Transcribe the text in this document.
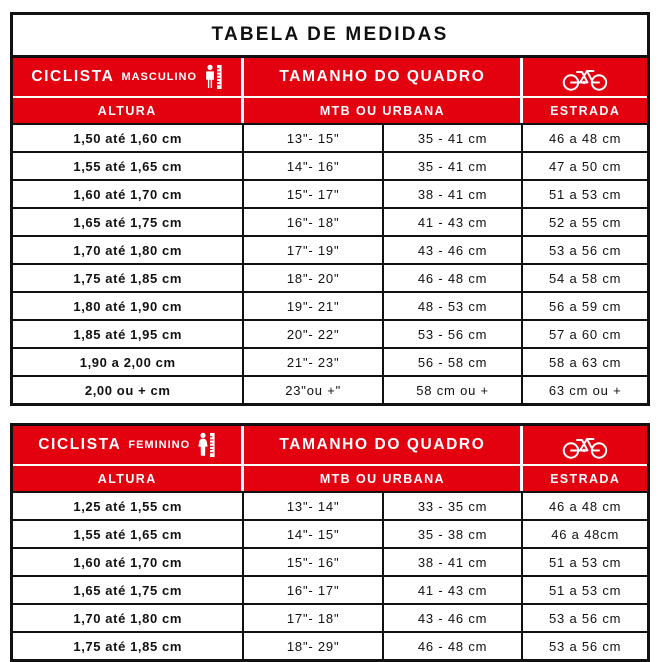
TABELA DE MEDIDAS
CICLISTA MASCULINO	TAMANHO DO QUADRO
ALTURA	MTB OU URBANA	ESTRADA
1,50 até 1,60 cm	13"- 15"	35 - 41 cm	46 a 48 cm
1,55 até 1,65 cm	14"- 16"	35 - 41 cm	47 a 50 cm
1,60 até 1,70 cm	15"- 17"	38 - 41 cm	51 a 53 cm
1,65 até 1,75 cm	16"- 18"	41 - 43 cm	52 a 55 cm
1,70 até 1,80 cm	17"- 19"	43 - 46 cm	53 a 56 cm
1,75 até 1,85 cm	18"- 20"	46 - 48 cm	54 a 58 cm
1,80 até 1,90 cm	19"- 21"	48 - 53 cm	56 a 59 cm
1,85 até 1,95 cm	20"- 22"	53 - 56 cm	57 a 60 cm
1,90 a 2,00 cm	21"- 23"	56 - 58 cm	58 a 63 cm
2,00 ou + cm	23"ou +"	58 cm ou +	63 cm ou +
CICLISTA FEMININO	TAMANHO DO QUADRO
ALTURA	MTB OU URBANA	ESTRADA
1,25 até 1,55 cm	13"- 14"	33 - 35 cm	46 a 48 cm
1,55 até 1,65 cm	14"- 15"	35 - 38 cm	46 a 48cm
1,60 até 1,70 cm	15"- 16"	38 - 41 cm	51 a 53 cm
1,65 até 1,75 cm	16"- 17"	41 - 43 cm	51 a 53 cm
1,70 até 1,80 cm	17"- 18"	43 - 46 cm	53 a 56 cm
1,75 até 1,85 cm	18"- 29"	46 - 48 cm	53 a 56 cm
